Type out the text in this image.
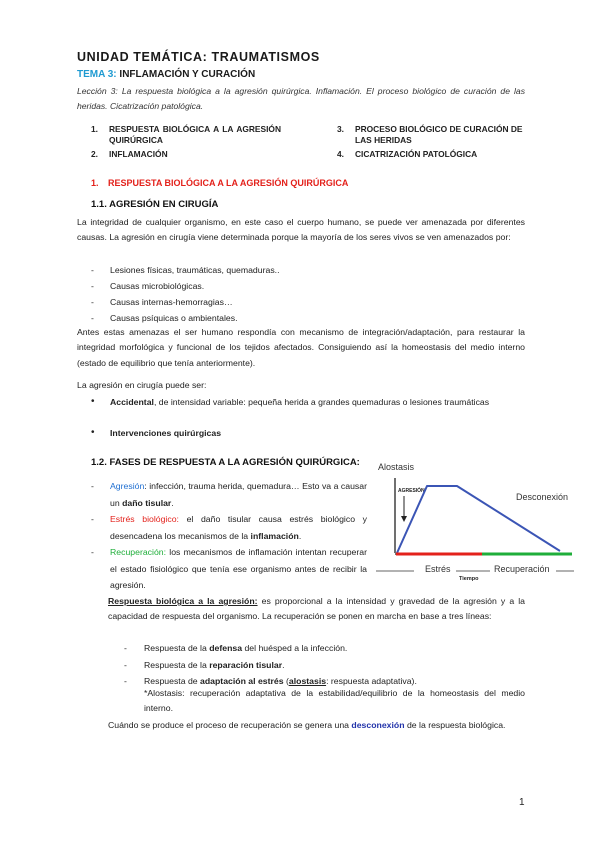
UNIDAD TEMÁTICA: TRAUMATISMOS
TEMA 3: INFLAMACIÓN Y CURACIÓN
Lección 3: La respuesta biológica a la agresión quirúrgica. Inflamación. El proceso biológico de curación de las heridas. Cicatrización patológica.
1. RESPUESTA BIOLÓGICA A LA AGRESIÓN QUIRÚRGICA
2. INFLAMACIÓN
3. PROCESO BIOLÓGICO DE CURACIÓN DE LAS HERIDAS
4. CICATRIZACIÓN PATOLÓGICA
1. RESPUESTA BIOLÓGICA A LA AGRESIÓN QUIRÚRGICA
1.1. AGRESIÓN EN CIRUGÍA
La integridad de cualquier organismo, en este caso el cuerpo humano, se puede ver amenazada por diferentes causas. La agresión en cirugía viene determinada porque la mayoría de los seres vivos se ven amenazados por:
- Lesiones físicas, traumáticas, quemaduras..
- Causas microbiológicas.
- Causas internas-hemorragias…
- Causas psíquicas o ambientales.
Antes estas amenazas el ser humano respondía con mecanismo de integración/adaptación, para restaurar la integridad morfológica y funcional de los tejidos afectados. Consiguiendo así la homeostasis del medio interno (estado de equilibrio que tenía anteriormente).
La agresión en cirugía puede ser:
• Accidental, de intensidad variable: pequeña herida a grandes quemaduras o lesiones traumáticas
• Intervenciones quirúrgicas
1.2. FASES DE RESPUESTA A LA AGRESIÓN QUIRÚRGICA:
- Agresión: infección, trauma herida, quemadura… Esto va a causar un daño tisular.
- Estrés biológico: el daño tisular causa estrés biológico y desencadena los mecanismos de la inflamación.
- Recuperación: los mecanismos de inflamación intentan recuperar el estado fisiológico que tenía ese organismo antes de recibir la agresión.
Alostasis
AGRESIÓN
Desconexión
Estrés	Recuperación
Tiempo
Respuesta biológica a la agresión: es proporcional a la intensidad y gravedad de la agresión y a la capacidad de respuesta del organismo. La recuperación se ponen en marcha en base a tres líneas:
- Respuesta de la defensa del huésped a la infección.
- Respuesta de la reparación tisular.
- Respuesta de adaptación al estrés (alostasis: respuesta adaptativa).
*Alostasis: recuperación adaptativa de la estabilidad/equilibrio de la homeostasis del medio interno.
Cuándo se produce el proceso de recuperación se genera una desconexión de la respuesta biológica.
1
